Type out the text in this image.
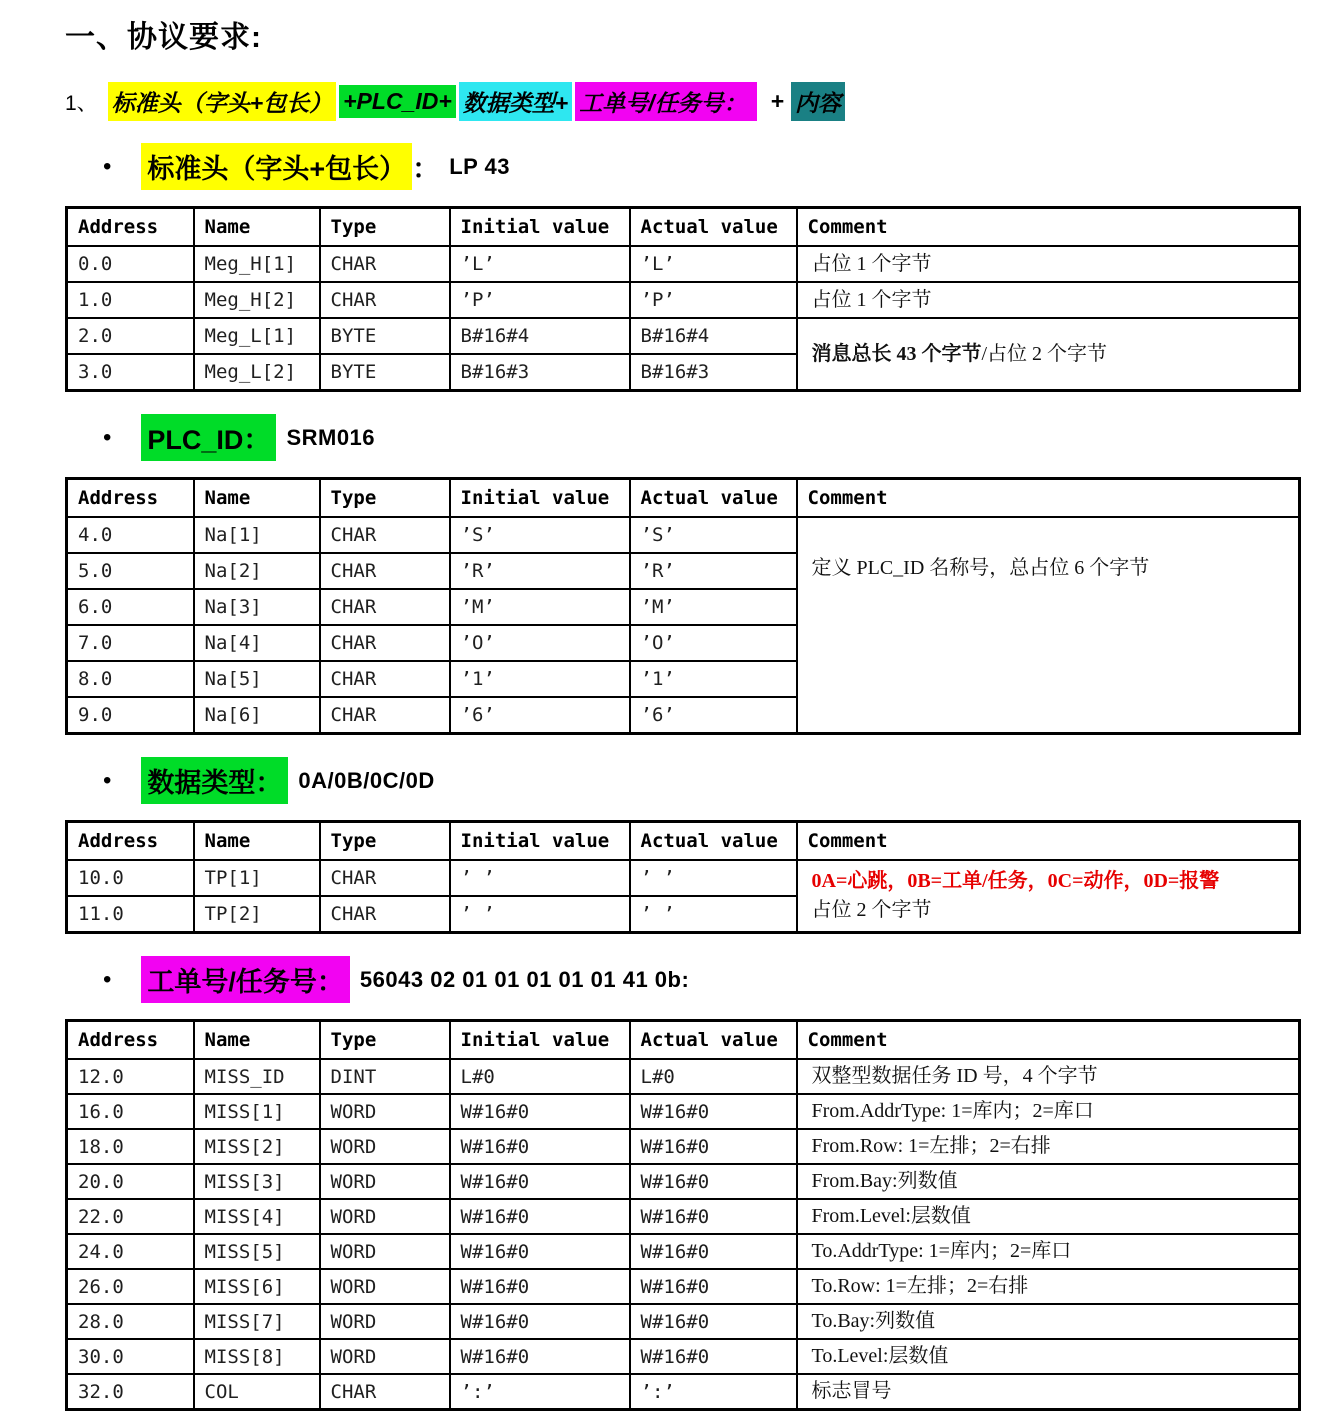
一、协议要求:
1、 标准头（字头+包长） +PLC_ID+ 数据类型+ 工单号/任务号： + 内容
• 标准头（字头+包长） ： LP 43
Address	Name	Type	Initial value	Actual value	Comment
0.0	Meg_H[1]	CHAR	’L’	’L’	占位 1 个字节
1.0	Meg_H[2]	CHAR	’P’	’P’	占位 1 个字节
2.0	Meg_L[1]	BYTE	B#16#4	B#16#4	消息总长 43 个字节/占位 2 个字节
3.0	Meg_L[2]	BYTE	B#16#3	B#16#3	
• PLC_ID： SRM016
Address	Name	Type	Initial value	Actual value	Comment
4.0	Na[1]	CHAR	’S’	’S’	定义 PLC_ID 名称号，总占位 6 个字节
5.0	Na[2]	CHAR	’R’	’R’	
6.0	Na[3]	CHAR	’M’	’M’	
7.0	Na[4]	CHAR	’O’	’O’	
8.0	Na[5]	CHAR	’1’	’1’	
9.0	Na[6]	CHAR	’6’	’6’	
• 数据类型： 0A/0B/0C/0D
Address	Name	Type	Initial value	Actual value	Comment
10.0	TP[1]	CHAR	’ ’	’ ’	0A=心跳，0B=工单/任务，0C=动作，0D=报警
占位 2 个字节
11.0	TP[2]	CHAR	’ ’	’ ’	
• 工单号/任务号： 56043 02 01 01 01 01 01 41 0b:
Address	Name	Type	Initial value	Actual value	Comment
12.0	MISS_ID	DINT	L#0	L#0	双整型数据任务 ID 号，4 个字节
16.0	MISS[1]	WORD	W#16#0	W#16#0	From.AddrType: 1=库内；2=库口
18.0	MISS[2]	WORD	W#16#0	W#16#0	From.Row: 1=左排；2=右排
20.0	MISS[3]	WORD	W#16#0	W#16#0	From.Bay:列数值
22.0	MISS[4]	WORD	W#16#0	W#16#0	From.Level:层数值
24.0	MISS[5]	WORD	W#16#0	W#16#0	To.AddrType: 1=库内；2=库口
26.0	MISS[6]	WORD	W#16#0	W#16#0	To.Row: 1=左排；2=右排
28.0	MISS[7]	WORD	W#16#0	W#16#0	To.Bay:列数值
30.0	MISS[8]	WORD	W#16#0	W#16#0	To.Level:层数值
32.0	COL	CHAR	’:’	’:’	标志冒号
